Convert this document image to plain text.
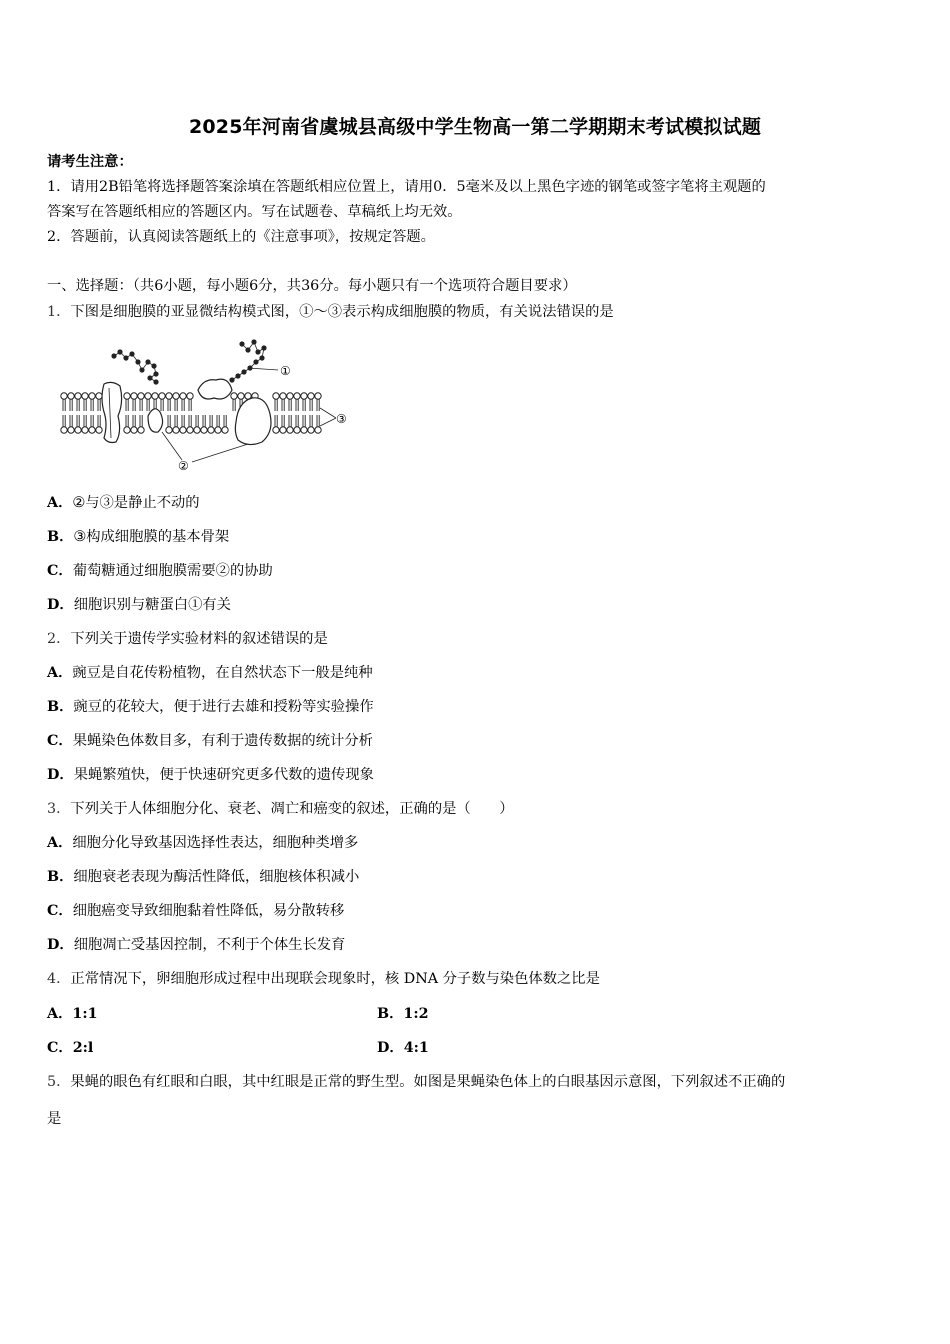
2025年河南省虞城县高级中学生物高一第二学期期末考试模拟试题
请考生注意：
1．请用2B铅笔将选择题答案涂填在答题纸相应位置上，请用0．5毫米及以上黑色字迹的钢笔或签字笔将主观题的
答案写在答题纸相应的答题区内。写在试题卷、草稿纸上均无效。
2．答题前，认真阅读答题纸上的《注意事项》，按规定答题。
一、选择题：（共6小题，每小题6分，共36分。每小题只有一个选项符合题目要求）
1．下图是细胞膜的亚显微结构模式图，①～③表示构成细胞膜的物质，有关说法错误的是
①
③
②
A．②与③是静止不动的
B．③构成细胞膜的基本骨架
C．葡萄糖通过细胞膜需要②的协助
D．细胞识别与糖蛋白①有关
2．下列关于遗传学实验材料的叙述错误的是
A．豌豆是自花传粉植物，在自然状态下一般是纯种
B．豌豆的花较大，便于进行去雄和授粉等实验操作
C．果蝇染色体数目多，有利于遗传数据的统计分析
D．果蝇繁殖快，便于快速研究更多代数的遗传现象
3．下列关于人体细胞分化、衰老、凋亡和癌变的叙述，正确的是（　　）
A．细胞分化导致基因选择性表达，细胞种类增多
B．细胞衰老表现为酶活性降低，细胞核体积减小
C．细胞癌变导致细胞黏着性降低，易分散转移
D．细胞凋亡受基因控制，不利于个体生长发育
4．正常情况下，卵细胞形成过程中出现联会现象时，核 DNA 分子数与染色体数之比是
A．1:1	B．1:2
C．2:l	D．4:1
5．果蝇的眼色有红眼和白眼，其中红眼是正常的野生型。如图是果蝇染色体上的白眼基因示意图，下列叙述不正确的
是
